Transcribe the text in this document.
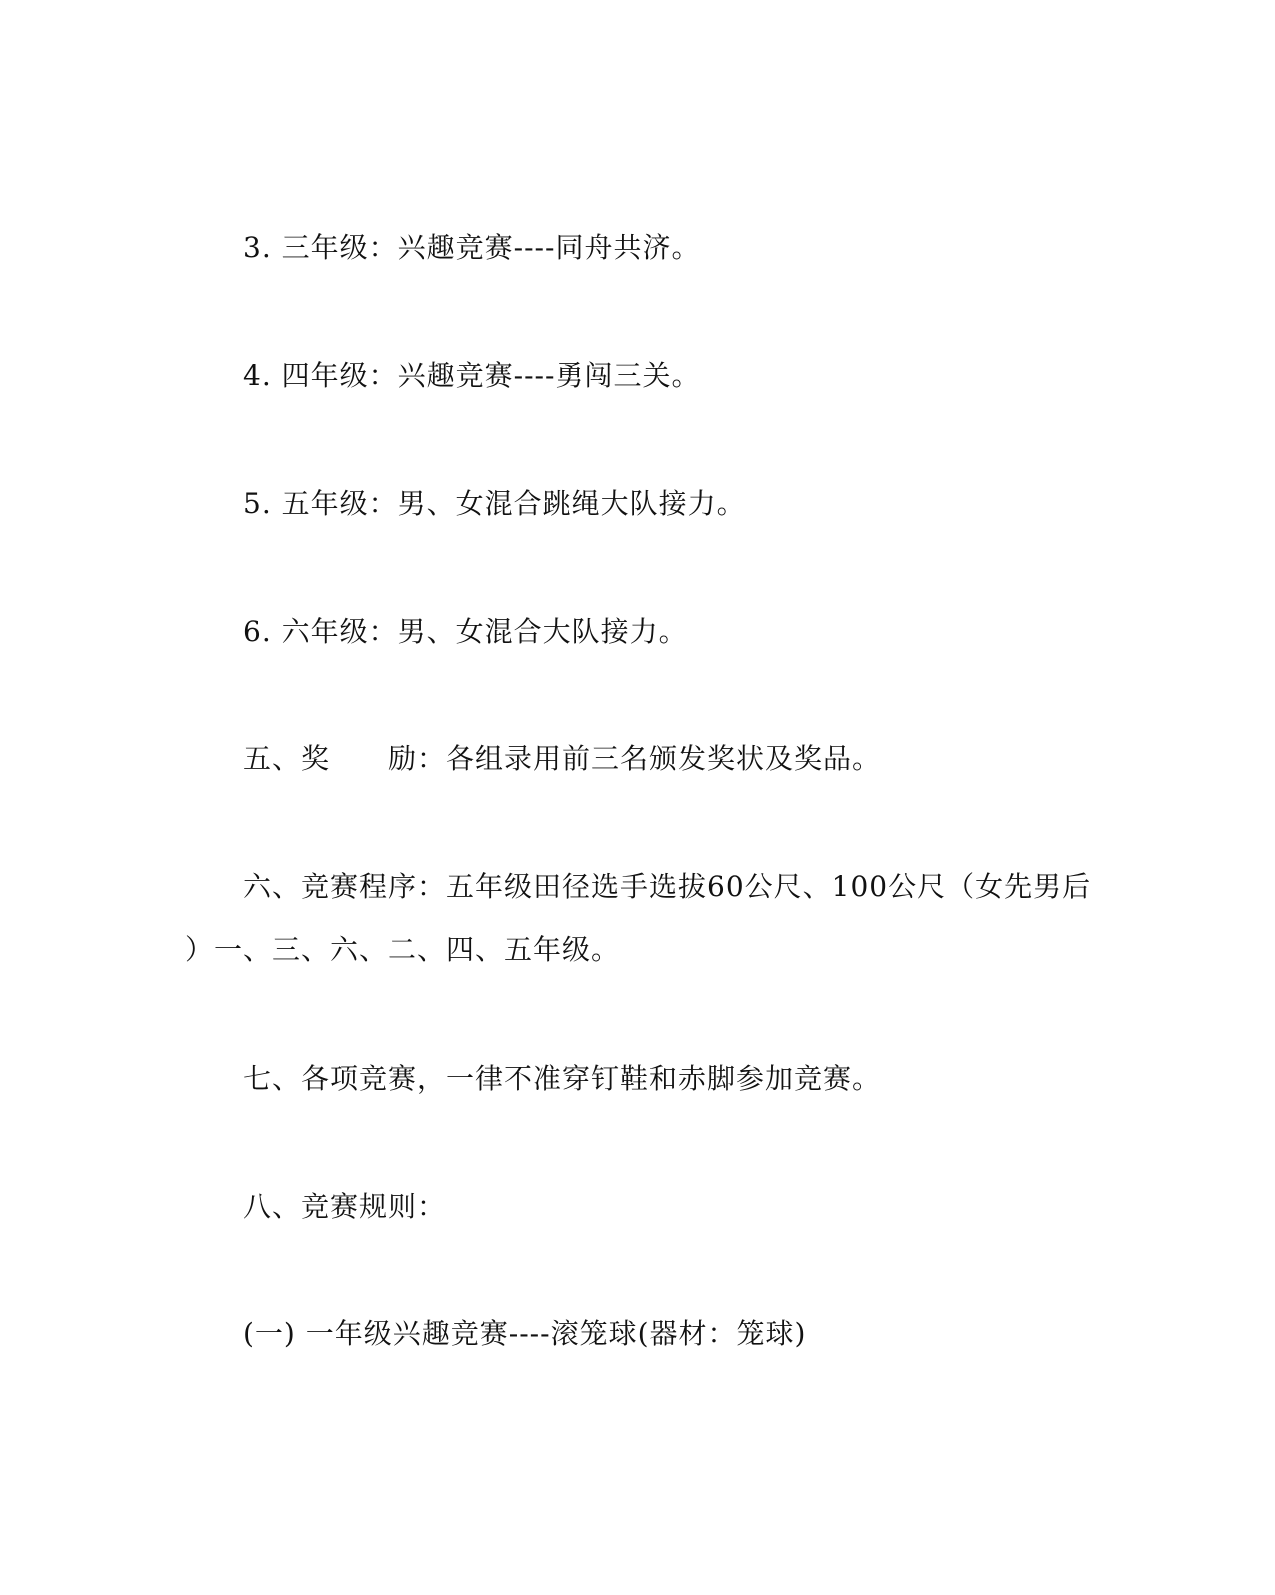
3. 三年级：兴趣竞赛----同舟共济。
4. 四年级：兴趣竞赛----勇闯三关。
5. 五年级：男、女混合跳绳大队接力。
6. 六年级：男、女混合大队接力。
五、奖 励：各组录用前三名颁发奖状及奖品。
六、竞赛程序：五年级田径选手选拔60公尺、100公尺（女先男后
）一、三、六、二、四、五年级。
七、各项竞赛，一律不准穿钉鞋和赤脚参加竞赛。
八、竞赛规则：
(一) 一年级兴趣竞赛----滚笼球(器材：笼球)
